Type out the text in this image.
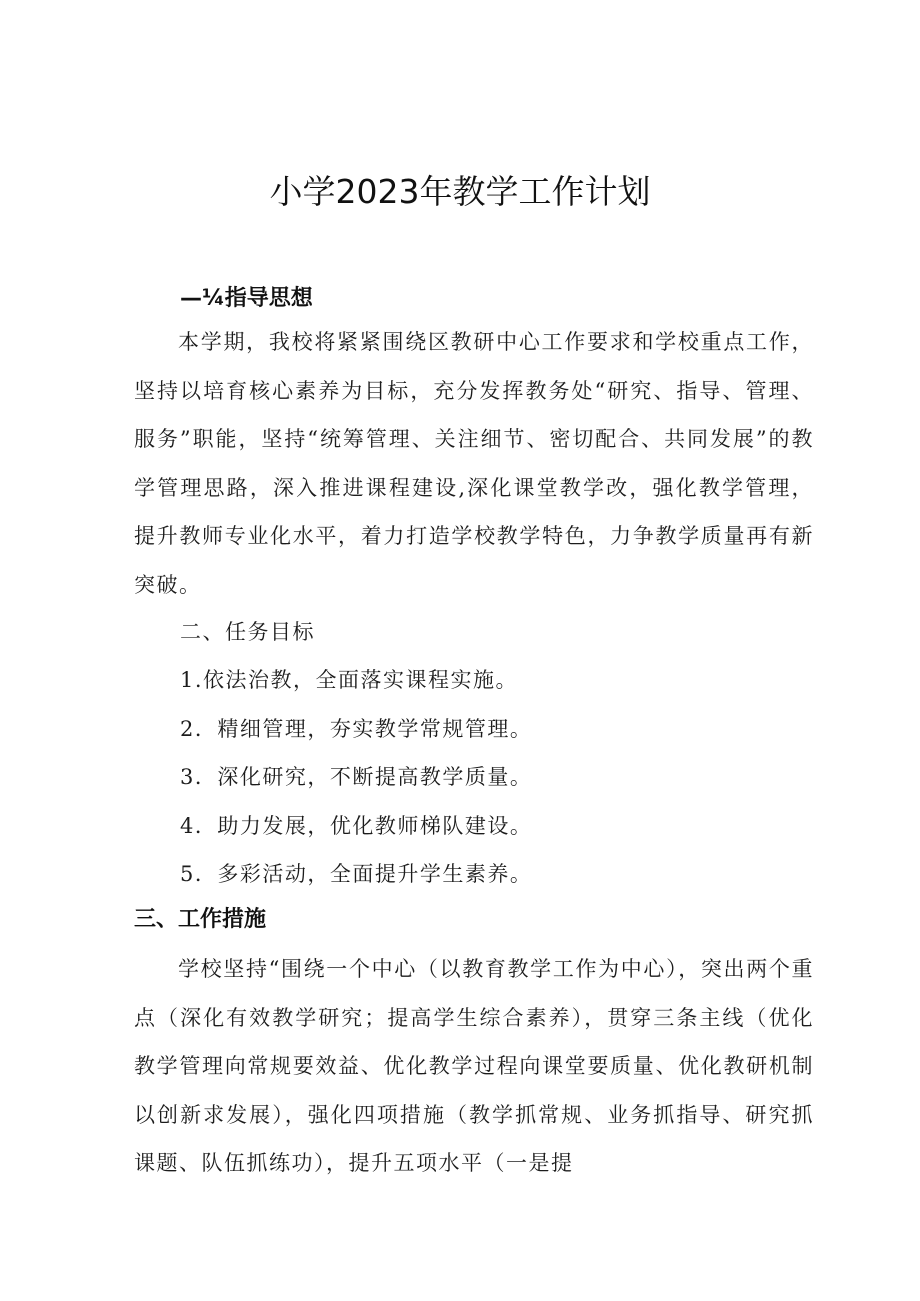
小学2023年教学工作计划
—¼指导思想

本学期，我校将紧紧围绕区教研中心工作要求和学校重点工作，坚持以培育核心素养为目标，充分发挥教务处“研究、指导、管理、服务”职能，坚持“统筹管理、关注细节、密切配合、共同发展”的教学管理思路，深入推进课程建设,深化课堂教学改，强化教学管理，提升教师专业化水平，着力打造学校教学特色，力争教学质量再有新突破。

二、任务目标
1.依法治教，全面落实课程实施。
2．精细管理，夯实教学常规管理。
3．深化研究，不断提高教学质量。
4．助力发展，优化教师梯队建设。
5．多彩活动，全面提升学生素养。
三、工作措施

学校坚持“围绕一个中心（以教育教学工作为中心），突出两个重点（深化有效教学研究；提高学生综合素养），贯穿三条主线（优化教学管理向常规要效益、优化教学过程向课堂要质量、优化教研机制以创新求发展），强化四项措施（教学抓常规、业务抓指导、研究抓课题、队伍抓练功），提升五项水平（一是提
